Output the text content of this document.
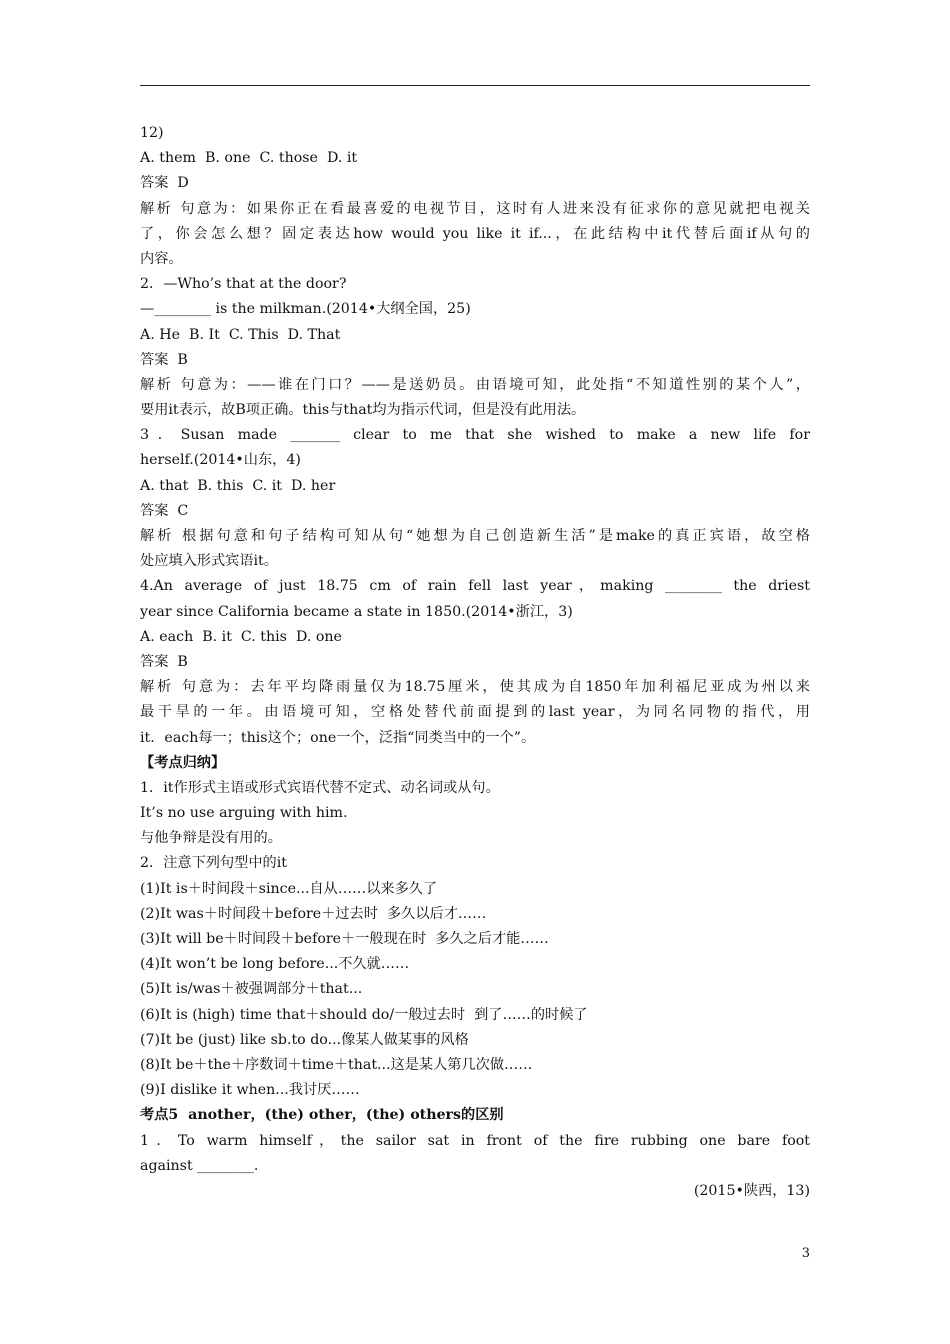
12)
A. them  B. one  C. those  D. it
答案  D
解析 句意为：如果你正在看最喜爱的电视节目，这时有人进来没有征求你的意见就把电视关
了，你会怎么想？固定表达how would you like it if...，在此结构中it代替后面if从句的
内容。
2．—Who’s that at the door?
—________ is the milkman.(2014•大纲全国，25)
A. He  B. It  C. This  D. That
答案  B
解析 句意为：——谁在门口？——是送奶员。由语境可知，此处指“不知道性别的某个人”，
要用it表示，故B项正确。this与that均为指示代词，但是没有此用法。
3．Susan made _______ clear to me that she wished to make a new life for
herself.(2014•山东，4)
A. that  B. this  C. it  D. her
答案  C
解析 根据句意和句子结构可知从句“她想为自己创造新生活”是make的真正宾语，故空格
处应填入形式宾语it。
4.An average of just 18.75 cm of rain fell last year，making ________ the driest
year since California became a state in 1850.(2014•浙江，3)
A. each  B. it  C. this  D. one
答案  B
解析 句意为：去年平均降雨量仅为18.75厘米，使其成为自1850年加利福尼亚成为州以来
最干旱的一年。由语境可知，空格处替代前面提到的last year，为同名同物的指代，用
it．each每一；this这个；one一个，泛指“同类当中的一个”。
【考点归纳】
1．it作形式主语或形式宾语代替不定式、动名词或从句。
It’s no use arguing with him.
与他争辩是没有用的。
2．注意下列句型中的it
(1)It is＋时间段＋since...自从……以来多久了
(2)It was＋时间段＋before＋过去时  多久以后才……
(3)It will be＋时间段＋before＋一般现在时  多久之后才能……
(4)It won’t be long before...不久就……
(5)It is/was＋被强调部分＋that...
(6)It is (high) time that＋should do/一般过去时  到了……的时候了
(7)It be (just) like sb.to do...像某人做某事的风格
(8)It be＋the＋序数词＋time＋that...这是某人第几次做……
(9)I dislike it when...我讨厌……
考点5  another，(the) other，(the) others的区别
1．To warm himself，the sailor sat in front of the fire rubbing one bare foot
against ________.
(2015•陕西，13)
3
